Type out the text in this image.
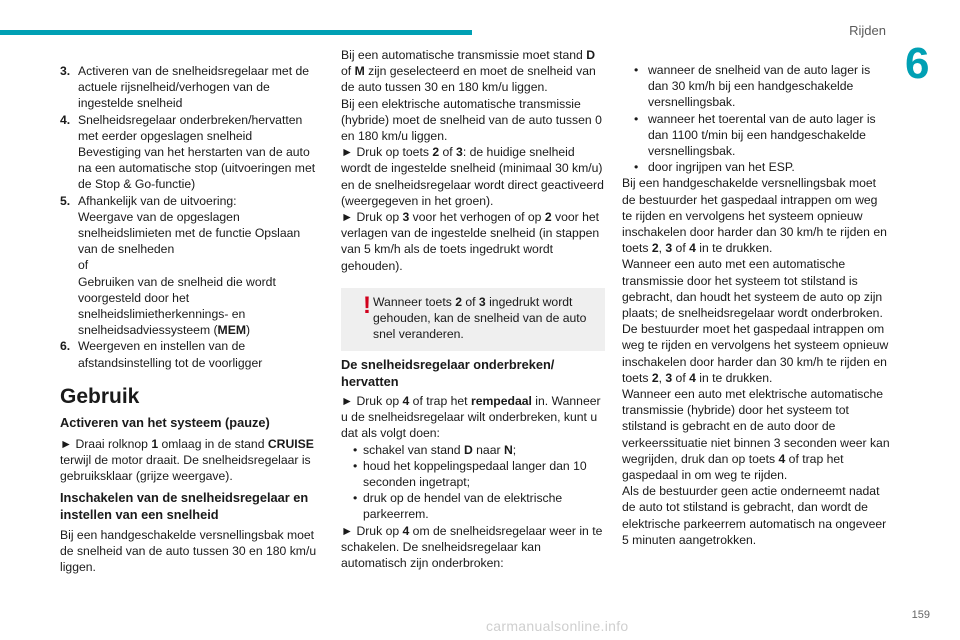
Rijden
6
3. Activeren van de snelheidsregelaar met de actuele rijsnelheid/verhogen van de ingestelde snelheid

4. Snelheidsregelaar onderbreken/hervatten met eerder opgeslagen snelheid

Bevestiging van het herstarten van de auto na een automatische stop (uitvoeringen met de Stop & Go-functie)

5. Afhankelijk van de uitvoering:

Weergave van de opgeslagen snelheidslimieten met de functie Opslaan van de snelheden

of

Gebruiken van de snelheid die wordt voorgesteld door het snelheidslimietherkennings- en snelheidsadviessysteem (MEM)

6. Weergeven en instellen van de afstandsinstelling tot de voorligger

Gebruik
Activeren van het systeem (pauze)

► Draai rolknop 1 omlaag in de stand CRUISE terwijl de motor draait. De snelheidsregelaar is gebruiksklaar (grijze weergave).

Inschakelen van de snelheidsregelaar en instellen van een snelheid

Bij een handgeschakelde versnellingsbak moet de snelheid van de auto tussen 30 en 180 km/u liggen.

Bij een automatische transmissie moet stand D of M zijn geselecteerd en moet de snelheid van de auto tussen 30 en 180 km/u liggen.

Bij een elektrische automatische transmissie (hybride) moet de snelheid van de auto tussen 0 en 180 km/u liggen.

► Druk op toets 2 of 3: de huidige snelheid wordt de ingestelde snelheid (minimaal 30 km/u) en de snelheidsregelaar wordt direct geactiveerd (weergegeven in het groen).

► Druk op 3 voor het verhogen of op 2 voor het verlagen van de ingestelde snelheid (in stappen van 5 km/h als de toets ingedrukt wordt gehouden).

! Wanneer toets 2 of 3 ingedrukt wordt gehouden, kan de snelheid van de auto snel veranderen.

De snelheidsregelaar onderbreken/ hervatten

► Druk op 4 of trap het rempedaal in. Wanneer u de snelheidsregelaar wilt onderbreken, kunt u dat als volgt doen:

• schakel van stand D naar N;
• houd het koppelingspedaal langer dan 10 seconden ingetrapt;
• druk op de hendel van de elektrische parkeerrem.

► Druk op 4 om de snelheidsregelaar weer in te schakelen. De snelheidsregelaar kan automatisch zijn onderbroken:

• wanneer de snelheid van de auto lager is dan 30 km/h bij een handgeschakelde versnellingsbak.
• wanneer het toerental van de auto lager is dan 1100 t/min bij een handgeschakelde versnellingsbak.
• door ingrijpen van het ESP.

Bij een handgeschakelde versnellingsbak moet de bestuurder het gaspedaal intrappen om weg te rijden en vervolgens het systeem opnieuw inschakelen door harder dan 30 km/h te rijden en toets 2, 3 of 4 in te drukken.

Wanneer een auto met een automatische transmissie door het systeem tot stilstand is gebracht, dan houdt het systeem de auto op zijn plaats; de snelheidsregelaar wordt onderbroken. De bestuurder moet het gaspedaal intrappen om weg te rijden en vervolgens het systeem opnieuw inschakelen door harder dan 30 km/h te rijden en toets 2, 3 of 4 in te drukken.

Wanneer een auto met elektrische automatische transmissie (hybride) door het systeem tot stilstand is gebracht en de auto door de verkeerssituatie niet binnen 3 seconden weer kan wegrijden, druk dan op toets 4 of trap het gaspedaal in om weg te rijden.

Als de bestuurder geen actie onderneemt nadat de auto tot stilstand is gebracht, dan wordt de elektrische parkeerrem automatisch na ongeveer 5 minuten aangetrokken.

159
carmanualsonline.info
